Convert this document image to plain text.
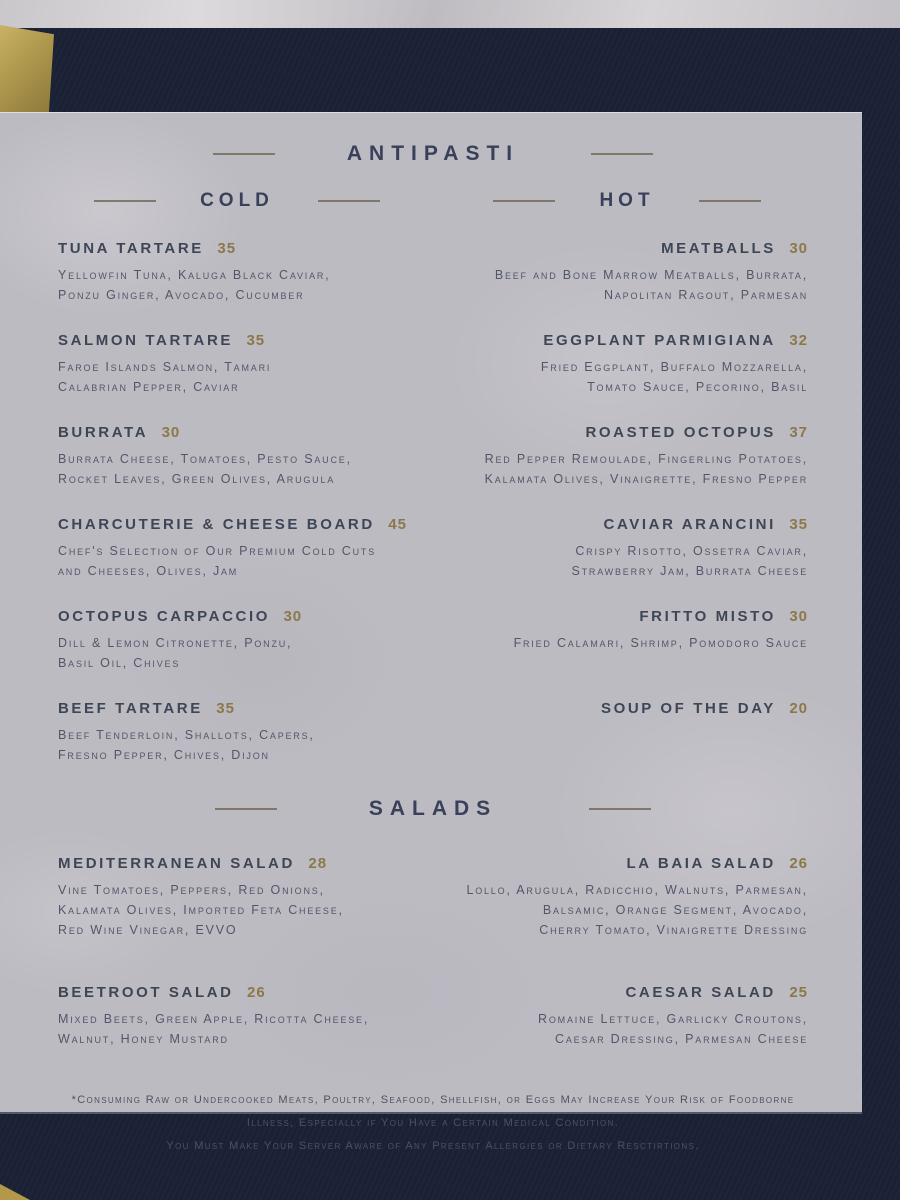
ANTIPASTI
COLD	HOT
TUNA TARTARE 35
Yellowfin Tuna, Kaluga Black Caviar,
Ponzu Ginger, Avocado, Cucumber
MEATBALLS 30
Beef and Bone Marrow Meatballs, Burrata,
Napolitan Ragout, Parmesan
SALMON TARTARE 35
Faroe Islands Salmon, Tamari
Calabrian Pepper, Caviar
EGGPLANT PARMIGIANA 32
Fried Eggplant, Buffalo Mozzarella,
Tomato Sauce, Pecorino, Basil
BURRATA 30
Burrata Cheese, Tomatoes, Pesto Sauce,
Rocket Leaves, Green Olives, Arugula
ROASTED OCTOPUS 37
Red Pepper Remoulade, Fingerling Potatoes,
Kalamata Olives, Vinaigrette, Fresno Pepper
CHARCUTERIE & CHEESE BOARD 45
Chef's Selection of Our Premium Cold Cuts
and Cheeses, Olives, Jam
CAVIAR ARANCINI 35
Crispy Risotto, Ossetra Caviar,
Strawberry Jam, Burrata Cheese
OCTOPUS CARPACCIO 30
Dill & Lemon Citronette, Ponzu,
Basil Oil, Chives
FRITTO MISTO 30
Fried Calamari, Shrimp, Pomodoro Sauce
BEEF TARTARE 35
Beef Tenderloin, Shallots, Capers,
Fresno Pepper, Chives, Dijon
SOUP OF THE DAY 20
SALADS
MEDITERRANEAN SALAD 28
Vine Tomatoes, Peppers, Red Onions,
Kalamata Olives, Imported Feta Cheese,
Red Wine Vinegar, EVVO
LA BAIA SALAD 26
Lollo, Arugula, Radicchio, Walnuts, Parmesan,
Balsamic, Orange Segment, Avocado,
Cherry Tomato, Vinaigrette Dressing
BEETROOT SALAD 26
Mixed Beets, Green Apple, Ricotta Cheese,
Walnut, Honey Mustard
CAESAR SALAD 25
Romaine Lettuce, Garlicky Croutons,
Caesar Dressing, Parmesan Cheese
*Consuming Raw or Undercooked Meats, Poultry, Seafood, Shellfish, or Eggs May Increase Your Risk of Foodborne
Illness, Especially if You Have a Certain Medical Condition.
You Must Make Your Server Aware of Any Present Allergies or Dietary Resctirtions.
